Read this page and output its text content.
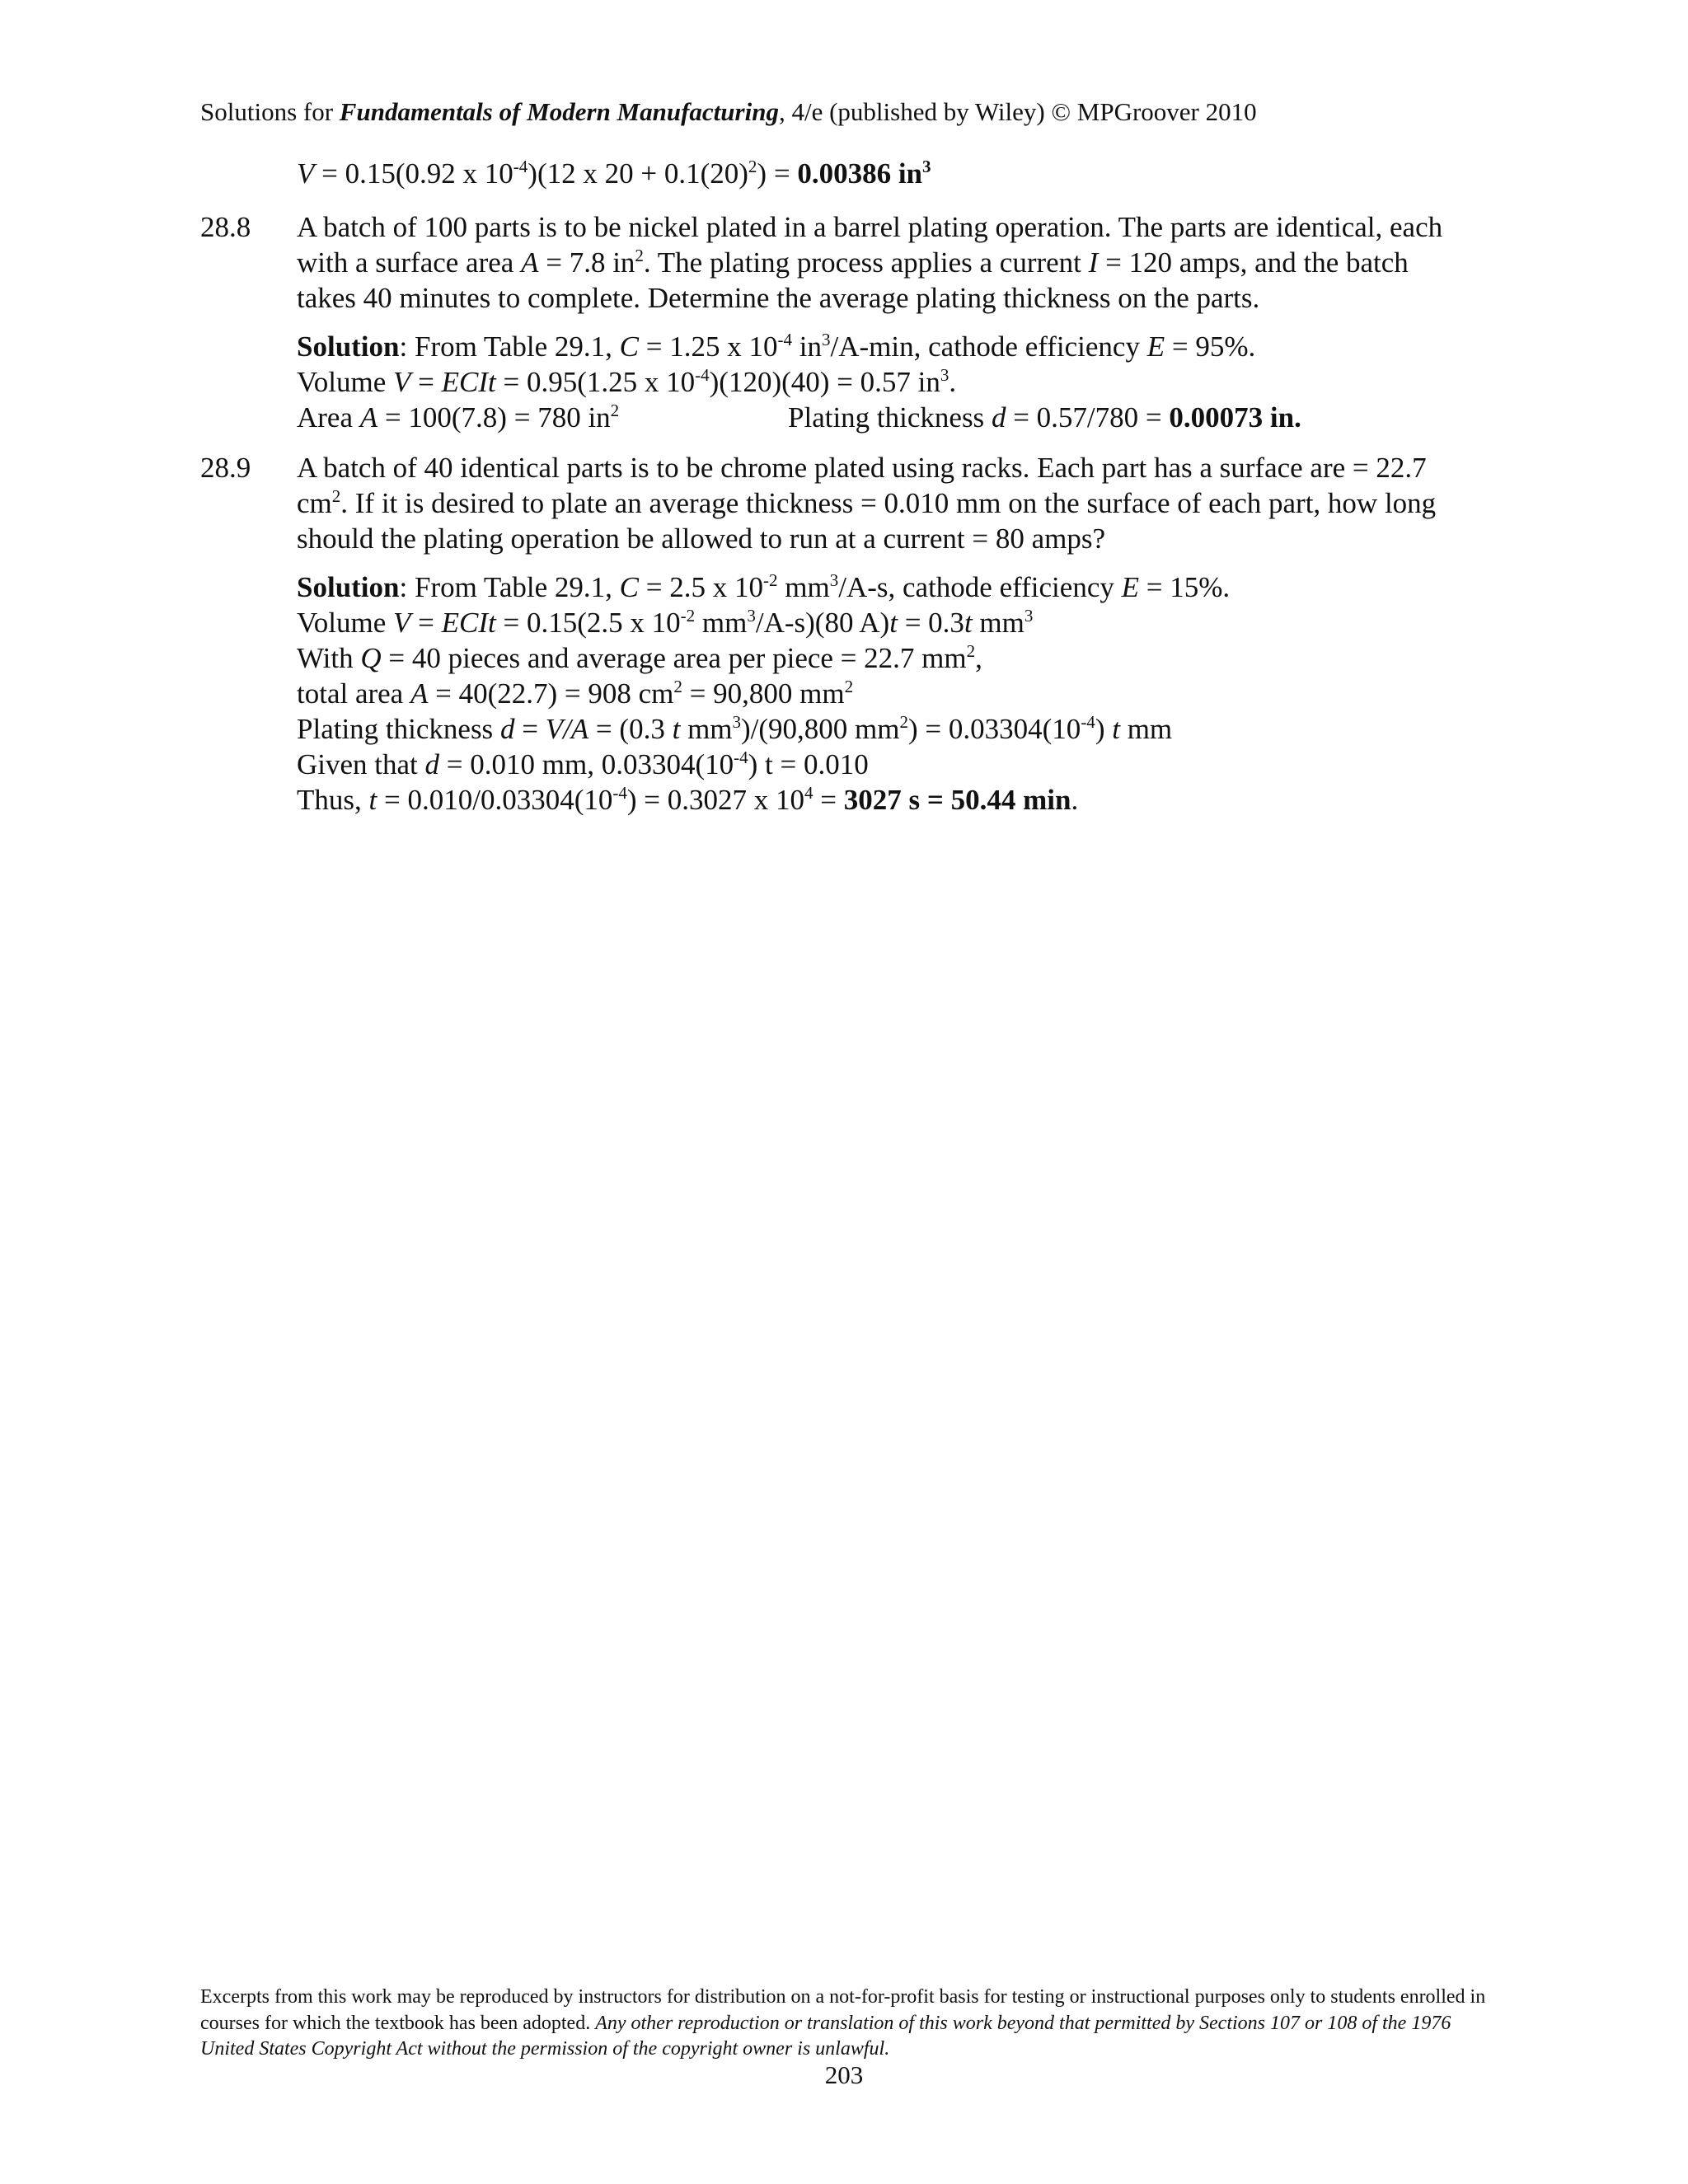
Solutions for Fundamentals of Modern Manufacturing, 4/e (published by Wiley) © MPGroover 2010
V = 0.15(0.92 x $10^{-4})(12$ x $20 + 0.1(20)^2) = 0.00386$ $in^3$
28.8 A batch of 100 parts is to be nickel plated in a barrel plating operation. The parts are identical, each
with a surface area A = 7.8 $in^2$. The plating process applies a current I = 120 amps, and the batch
takes 40 minutes to complete. Determine the average plating thickness on the parts.
Solution: From Table 29.1, C = 1.25 x $10^{-4}$ $in^3/A-\min$, cathode efficiency E = 95%.
Volume V = ECIt = 0.95(1.25 x $10^{-4})(120)(40) = 0.57$ $in^3$.
Area A = 100(7.8) = 780 $in^2$	Plating thickness d = 0.57/780 = 0.00073 in.
28.9 A batch of 40 identical parts is to be chrome plated using racks. Each part has a surface are = 22.7
$cm^2$. If it is desired to plate an average thickness = 0.010 mm on the surface of each part, how long
should the plating operation be allowed to run at a current = 80 amps?
Solution: From Table 29.1, C = 2.5 x $10^{-2}$ $mm^3/A-s$, cathode efficiency E = 15%.
Volume V = ECIt = 0.15(2.5 x $10^{-2}$ $mm^3/A-s)(80$ A)t = 0.3t $mm^3$
With Q = 40 pieces and average area per piece = 22.7 $mm^2$,
total area A = 40(22.7) = 908 $cm^2 = 90,800$ $mm^2$
Plating thickness d = V/A = (0.3 t $mm^3)/(90,800$ $mm^2) = 0.03304(10^{-4})$ t mm
Given that d = 0.010 mm, $0.03304(10^{-4}) t = 0.010$
Thus, $t = 0.010/0.03304(10^{-4}) = 0.3027$ x $10^4 = 3027$ s = 50.44 min.
Excerpts from this work may be reproduced by instructors for distribution on a not-for-profit basis for testing or instructional purposes only to students enrolled in courses for which the textbook has been adopted. Any other reproduction or translation of this work beyond that permitted by Sections 107 or 108 of the 1976 United States Copyright Act without the permission of the copyright owner is unlawful.
203
